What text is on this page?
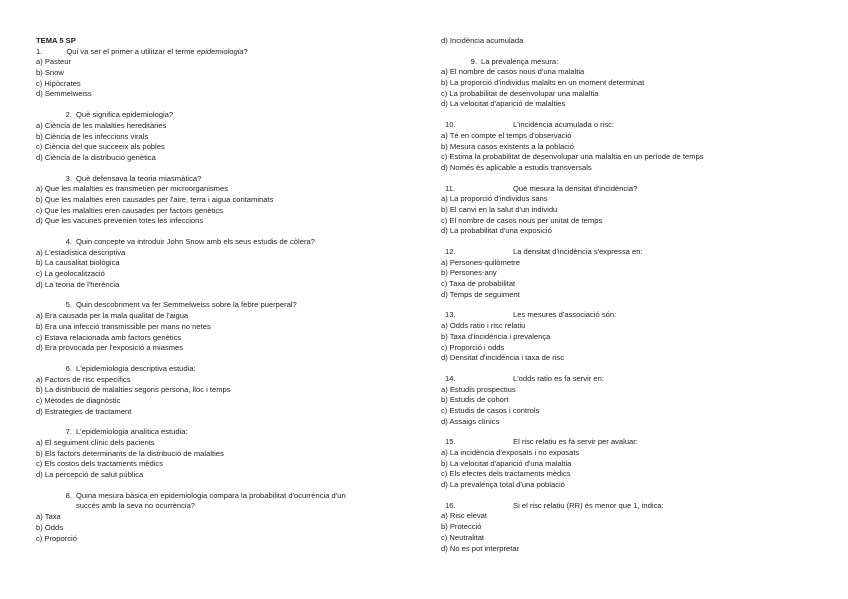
TEMA 5 SP
1.	Qui va ser el primer a utilitzar el terme epidemiologia?
a) Pasteur
b) Snow
c) Hipòcrates
d) Semmelweiss
2. Què significa epidemiologia?
a) Ciència de les malalties hereditàries
b) Ciència de les infeccions virals
c) Ciència del que succeeix als pobles
d) Ciència de la distribució genètica
3. Què defensava la teoria miasmàtica?
a) Que les malalties es transmetien per microorganismes
b) Que les malalties eren causades per l'aire, terra i aigua contaminats
c) Que les malalties eren causades per factors genètics
d) Que les vacunes prevenien totes les infeccions
4. Quin concepte va introduir John Snow amb els seus estudis de còlera?
a) L'estadística descriptiva
b) La causalitat biològica
c) La geolocalització
d) La teoria de l'herència
5. Quin descobriment va fer Semmelweiss sobre la febre puerperal?
a) Era causada per la mala qualitat de l'aigua
b) Era una infecció transmissible per mans no netes
c) Estava relacionada amb factors genètics
d) Era provocada per l'exposició a miasmes
6. L'epidemiologia descriptiva estudia:
a) Factors de risc específics
b) La distribució de malalties segons persona, lloc i temps
c) Mètodes de diagnòstic
d) Estratègies de tractament
7. L'epidemiologia analítica estudia:
a) El seguiment clínic dels pacients
b) Els factors determinants de la distribució de malalties
c) Els costos dels tractaments mèdics
d) La percepció de salut pública
8. Quina mesura bàsica en epidemiologia compara la probabilitat d'ocurrència d'un
succés amb la seva no ocurrència?
a) Taxa
b) Odds
c) Proporció
d) Incidència acumulada
9. La prevalença mesura:
a) El nombre de casos nous d'una malaltia
b) La proporció d'individus malalts en un moment determinat
c) La probabilitat de desenvolupar una malaltia
d) La velocitat d'aparició de malalties
10.	L'incidència acumulada o risc:
a) Té en compte el temps d'observació
b) Mesura casos existents a la població
c) Estima la probabilitat de desenvolupar una malaltia en un període de temps
d) Només és aplicable a estudis transversals
11.	Què mesura la densitat d'incidència?
a) La proporció d'individus sans
b) El canvi en la salut d'un individu
c) El nombre de casos nous per unitat de temps
d) La probabilitat d'una exposició
12.	La densitat d'incidència s'expressa en:
a) Persones-quilòmetre
b) Persones-any
c) Taxa de probabilitat
d) Temps de seguiment
13.	Les mesures d'associació són:
a) Odds ratio i risc relatiu
b) Taxa d'incidència i prevalença
c) Proporció i odds
d) Densitat d'incidència i taxa de risc
14.	L'odds ratio es fa servir en:
a) Estudis prospectius
b) Estudis de cohort
c) Estudis de casos i controls
d) Assaigs clínics
15.	El risc relatiu es fa servir per avaluar:
a) La incidència d'exposats i no exposats
b) La velocitat d'aparició d'una malaltia
c) Els efectes dels tractaments mèdics
d) La prevalença total d'una població
16.	Si el risc relatiu (RR) és menor que 1, indica:
a) Risc elevat
b) Protecció
c) Neutralitat
d) No es pot interpretar
